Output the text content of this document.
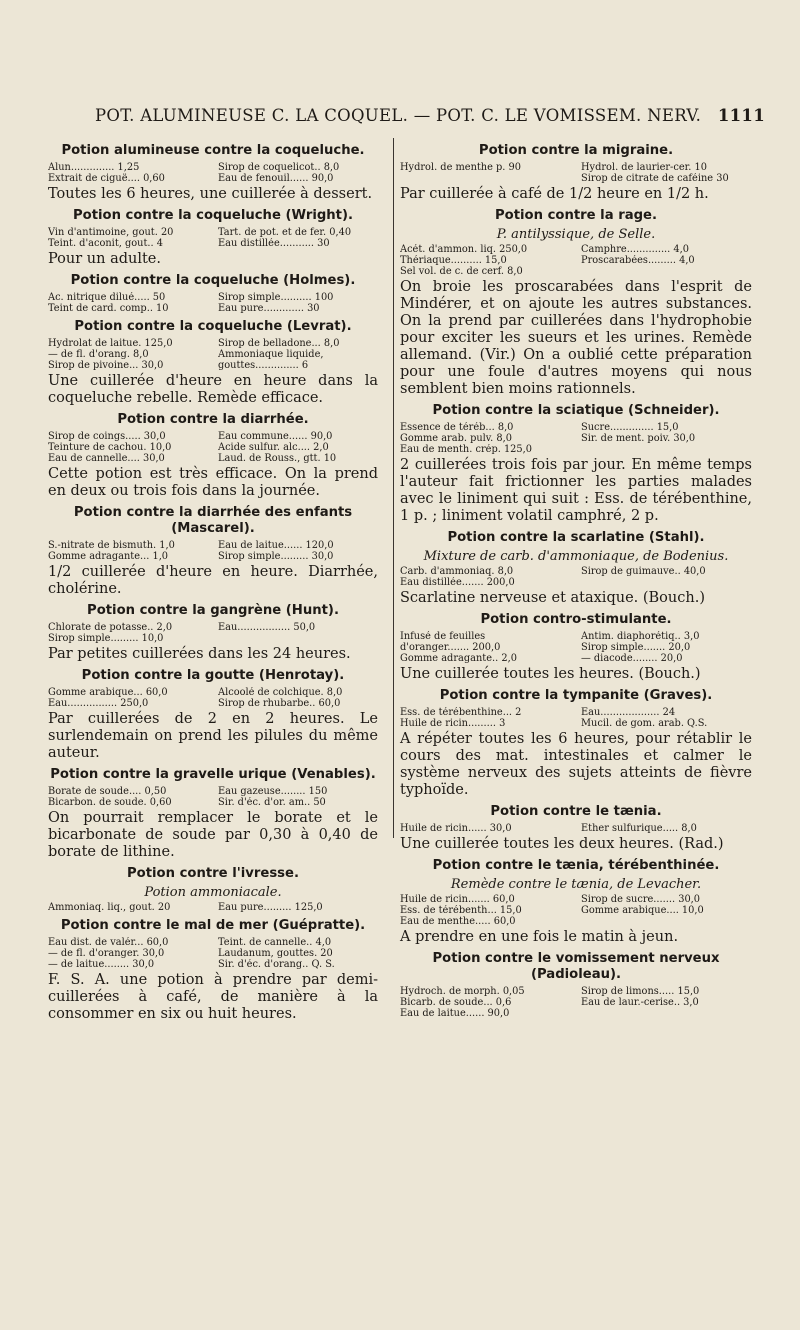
POT. ALUMINEUSE C. LA COQUEL. — POT. C. LE VOMISSEM. NERV. 1111
Potion alumineuse contre la coqueluche.
Alun.............. 1,25	Sirop de coquelicot.. 8,0
Extrait de ciguë.... 0,60	Eau de fenouil...... 90,0

Toutes les 6 heures, une cuillerée à dessert.

Potion contre la coqueluche (Wright).
Vin d'antimoine, gout. 20	Tart. de pot. et de fer. 0,40
Teint. d'aconit, gout.. 4	Eau distillée........... 30

Pour un adulte.

Potion contre la coqueluche (Holmes).
Ac. nitrique dilué..... 50	Sirop simple.......... 100
Teint de card. comp.. 10	Eau pure............. 30
Potion contre la coqueluche (Levrat).
Hydrolat de laitue. 125,0	Sirop de belladone... 8,0
— de fl. d'orang. 8,0	Ammoniaque liquide,
Sirop de pivoine... 30,0	gouttes.............. 6

Une cuillerée d'heure en heure dans la coqueluche rebelle. Remède efficace.

Potion contre la diarrhée.
Sirop de coings..... 30,0	Eau commune...... 90,0
Teinture de cachou. 10,0	Acide sulfur. alc.... 2,0
Eau de cannelle.... 30,0	Laud. de Rouss., gtt. 10

Cette potion est très efficace. On la prend en deux ou trois fois dans la journée.

Potion contre la diarrhée des enfants (Mascarel).
S.-nitrate de bismuth. 1,0	Eau de laitue...... 120,0
Gomme adragante... 1,0	Sirop simple......... 30,0

1/2 cuillerée d'heure en heure. Diarrhée, cholérine.

Potion contre la gangrène (Hunt).
Chlorate de potasse.. 2,0	Eau................. 50,0
Sirop simple......... 10,0

Par petites cuillerées dans les 24 heures.

Potion contre la goutte (Henrotay).
Gomme arabique... 60,0	Alcoolé de colchique. 8,0
Eau................ 250,0	Sirop de rhubarbe.. 60,0

Par cuillerées de 2 en 2 heures. Le surlendemain on prend les pilules du même auteur.

Potion contre la gravelle urique (Venables).
Borate de soude.... 0,50	Eau gazeuse........ 150
Bicarbon. de soude. 0,60	Sir. d'éc. d'or. am.. 50

On pourrait remplacer le borate et le bicarbonate de soude par 0,30 à 0,40 de borate de lithine.

Potion contre l'ivresse.
Potion ammoniacale.
Ammoniaq. liq., gout. 20	Eau pure......... 125,0
Potion contre le mal de mer (Guépratte).
Eau dist. de valér... 60,0	Teint. de cannelle.. 4,0
— de fl. d'oranger. 30,0	Laudanum, gouttes. 20
— de laitue........ 30,0	Sir. d'éc. d'orang.. Q. S.

F. S. A. une potion à prendre par demi-cuillerées à café, de manière à la consommer en six ou huit heures.

Potion contre la migraine.
Hydrol. de menthe p. 90	Hydrol. de laurier-cer. 10
Sirop de citrate de caféine 30

Par cuillerée à café de 1/2 heure en 1/2 h.

Potion contre la rage.
P. antilyssique, de Selle.
Acét. d'ammon. liq. 250,0	Camphre.............. 4,0
Thériaque.......... 15,0	Proscarabées......... 4,0
Sel vol. de c. de cerf. 8,0

On broie les proscarabées dans l'esprit de Mindérer, et on ajoute les autres substances. On la prend par cuillerées dans l'hydrophobie pour exciter les sueurs et les urines. Remède allemand. (Vir.) On a oublié cette préparation pour une foule d'autres moyens qui nous semblent bien moins rationnels.

Potion contre la sciatique (Schneider).
Essence de téréb... 8,0	Sucre.............. 15,0
Gomme arab. pulv. 8,0	Sir. de ment. poiv. 30,0
Eau de menth. crép. 125,0

2 cuillerées trois fois par jour. En même temps l'auteur fait frictionner les parties malades avec le liniment qui suit : Ess. de térébenthine, 1 p. ; liniment volatil camphré, 2 p.

Potion contre la scarlatine (Stahl).
Mixture de carb. d'ammoniaque, de Bodenius.
Carb. d'ammoniaq. 8,0	Sirop de guimauve.. 40,0
Eau distillée....... 200,0

Scarlatine nerveuse et ataxique. (Bouch.)

Potion contro-stimulante.
Infusé de feuilles	Antim. diaphorétiq.. 3,0
d'oranger....... 200,0	Sirop simple....... 20,0
Gomme adragante.. 2,0	— diacode........ 20,0

Une cuillerée toutes les heures. (Bouch.)

Potion contre la tympanite (Graves).
Ess. de térébenthine... 2	Eau................... 24
Huile de ricin......... 3	Mucil. de gom. arab. Q.S.

A répéter toutes les 6 heures, pour rétablir le cours des mat. intestinales et calmer le système nerveux des sujets atteints de fièvre typhoïde.

Potion contre le tænia.
Huile de ricin...... 30,0	Ether sulfurique..... 8,0

Une cuillerée toutes les deux heures. (Rad.)

Potion contre le tænia, térébenthinée.
Remède contre le tænia, de Levacher.
Huile de ricin....... 60,0	Sirop de sucre....... 30,0
Ess. de térébenth... 15,0	Gomme arabique.... 10,0
Eau de menthe..... 60,0

A prendre en une fois le matin à jeun.

Potion contre le vomissement nerveux (Padioleau).
Hydroch. de morph. 0,05	Sirop de limons..... 15,0
Bicarb. de soude... 0,6	Eau de laur.-cerise.. 3,0
Eau de laitue...... 90,0
